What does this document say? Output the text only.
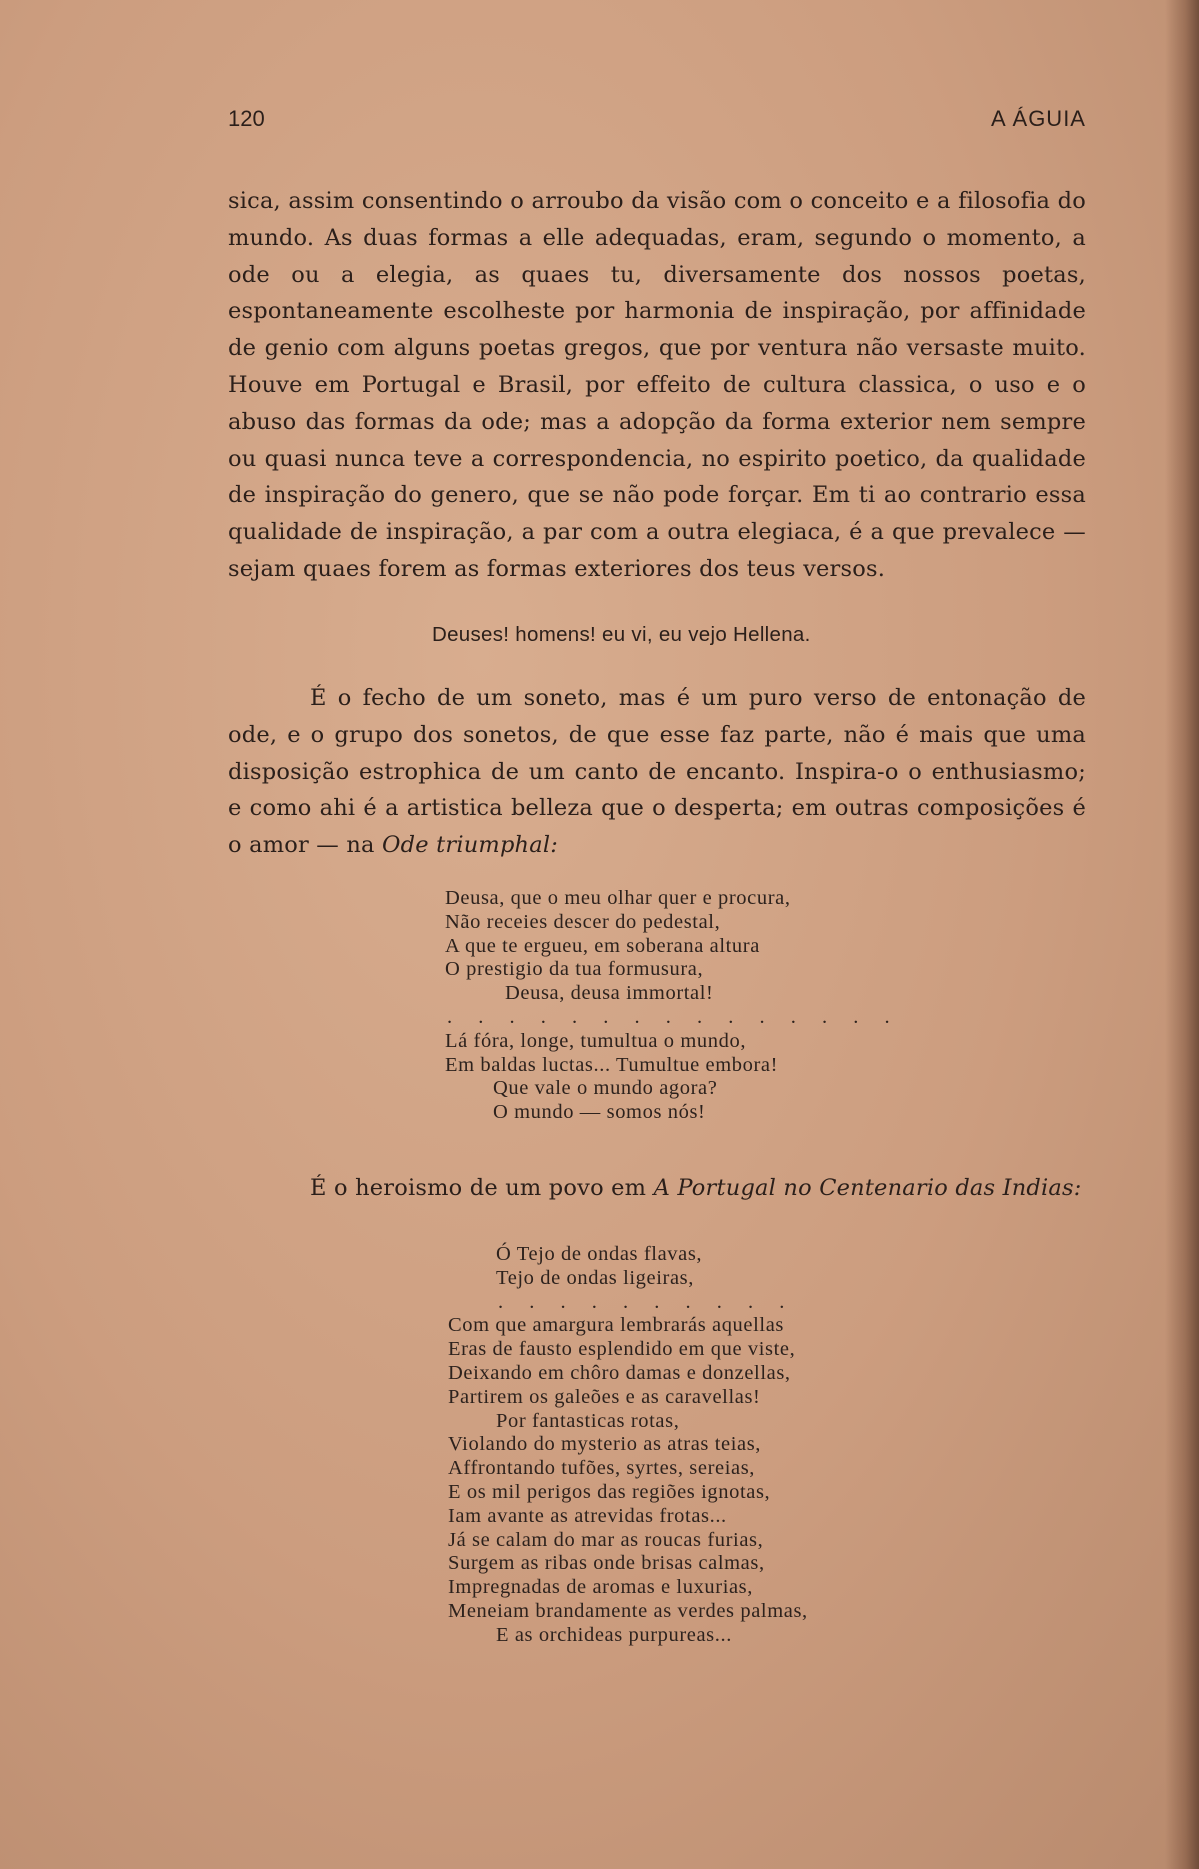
120	A ÁGUIA

sica, assim consentindo o arroubo da visão com o conceito e a filosofia do mundo. As duas formas a elle adequadas, eram, segundo o momento, a ode ou a elegia, as quaes tu, diversamente dos nossos poetas, espontaneamente escolheste por harmonia de inspiração, por affinidade de genio com alguns poetas gregos, que por ventura não versaste muito. Houve em Portugal e Brasil, por effeito de cultura classica, o uso e o abuso das formas da ode; mas a adopção da forma exterior nem sempre ou quasi nunca teve a correspondencia, no espirito poetico, da qualidade de inspiração do genero, que se não pode forçar. Em ti ao contrario essa qualidade de inspiração, a par com a outra elegiaca, é a que prevalece — sejam quaes forem as formas exteriores dos teus versos.

Deuses! homens! eu vi, eu vejo Hellena.

É o fecho de um soneto, mas é um puro verso de entonação de ode, e o grupo dos sonetos, de que esse faz parte, não é mais que uma disposição estrophica de um canto de encanto. Inspira-o o enthusiasmo; e como ahi é a artistica belleza que o desperta; em outras composições é o amor — na Ode triumphal:

Deusa, que o meu olhar quer e procura,
Não receies descer do pedestal,
A que te ergueu, em soberana altura
O prestigio da tua formusura,
Deusa, deusa immortal!
. . . . . . . . . . . . . . .
Lá fóra, longe, tumultua o mundo,
Em baldas luctas... Tumultue embora!
Que vale o mundo agora?
O mundo — somos nós!

É o heroismo de um povo em A Portugal no Centenario das Indias:

Ó Tejo de ondas flavas,
Tejo de ondas ligeiras,
. . . . . . . . . .
Com que amargura lembrarás aquellas
Eras de fausto esplendido em que viste,
Deixando em chôro damas e donzellas,
Partirem os galeões e as caravellas!
Por fantasticas rotas,
Violando do mysterio as atras teias,
Affrontando tufões, syrtes, sereias,
E os mil perigos das regiões ignotas,
Iam avante as atrevidas frotas...
Já se calam do mar as roucas furias,
Surgem as ribas onde brisas calmas,
Impregnadas de aromas e luxurias,
Meneiam brandamente as verdes palmas,
E as orchideas purpureas...
